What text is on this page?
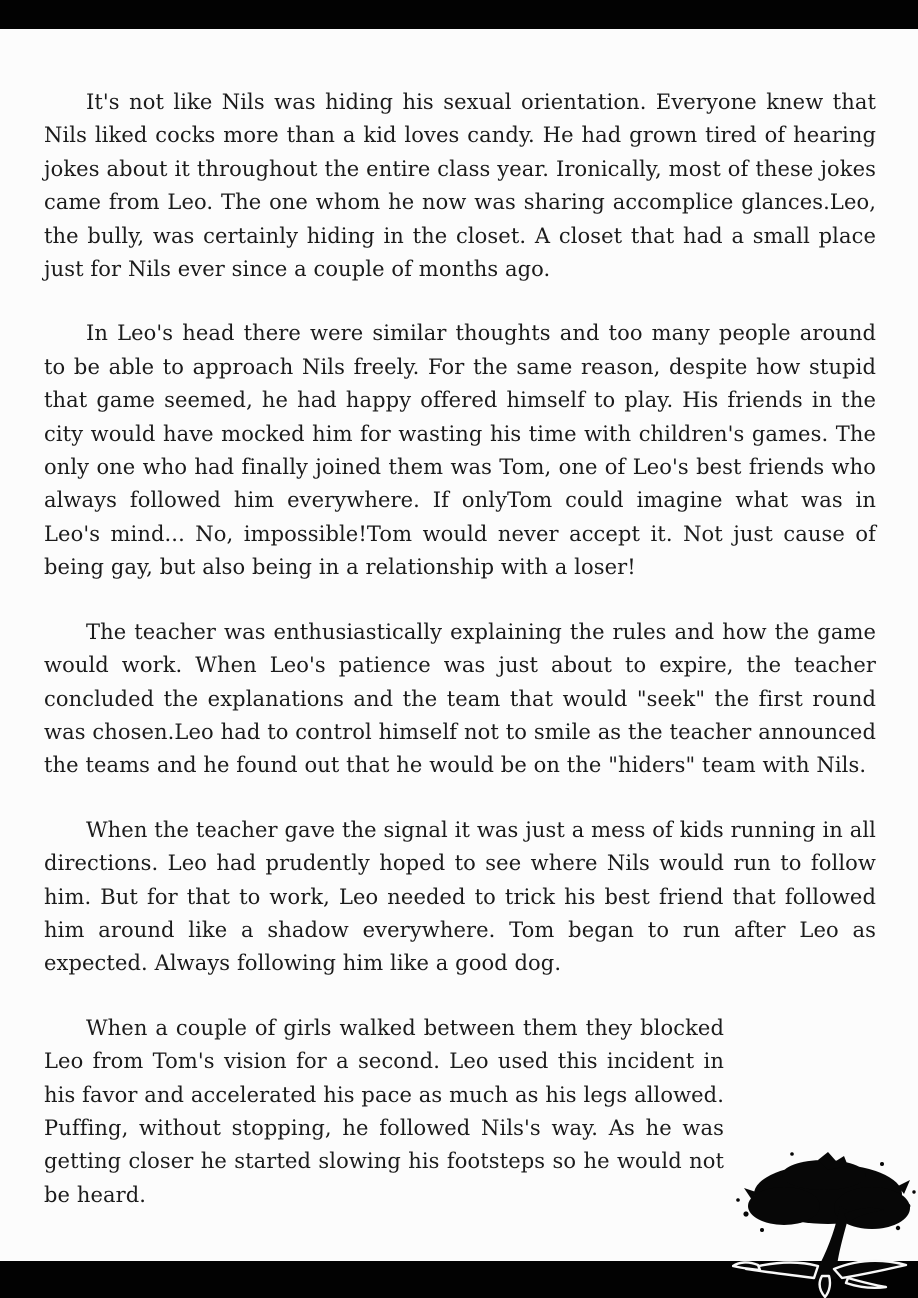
It's not like Nils was hiding his sexual orientation. Everyone knew that Nils liked cocks more than a kid loves candy. He had grown tired of hearing jokes about it throughout the entire class year. Ironically, most of these jokes came from Leo. The one whom he now was sharing accomplice glances.Leo, the bully, was certainly hiding in the closet. A closet that had a small place just for Nils ever since a couple of months ago.

In Leo's head there were similar thoughts and too many people around to be able to approach Nils freely. For the same reason, despite how stupid that game seemed, he had happy offered himself to play. His friends in the city would have mocked him for wasting his time with children's games. The only one who had finally joined them was Tom, one of Leo's best friends who always followed him everywhere. If onlyTom could imagine what was in Leo's mind... No, impossible!Tom would never accept it. Not just cause of being gay, but also being in a relationship with a loser!

The teacher was enthusiastically explaining the rules and how the game would work. When Leo's patience was just about to expire, the teacher concluded the explanations and the team that would "seek" the first round was chosen.Leo had to control himself not to smile as the teacher announced the teams and he found out that he would be on the "hiders" team with Nils.

When the teacher gave the signal it was just a mess of kids running in all directions. Leo had prudently hoped to see where Nils would run to follow him. But for that to work, Leo needed to trick his best friend that followed him around like a shadow everywhere. Tom began to run after Leo as expected. Always following him like a good dog.

When a couple of girls walked between them they blocked Leo from Tom's vision for a second. Leo used this incident in his favor and accelerated his pace as much as his legs allowed. Puffing, without stopping, he followed Nils's way. As he was getting closer he started slowing his footsteps so he would not be heard.
